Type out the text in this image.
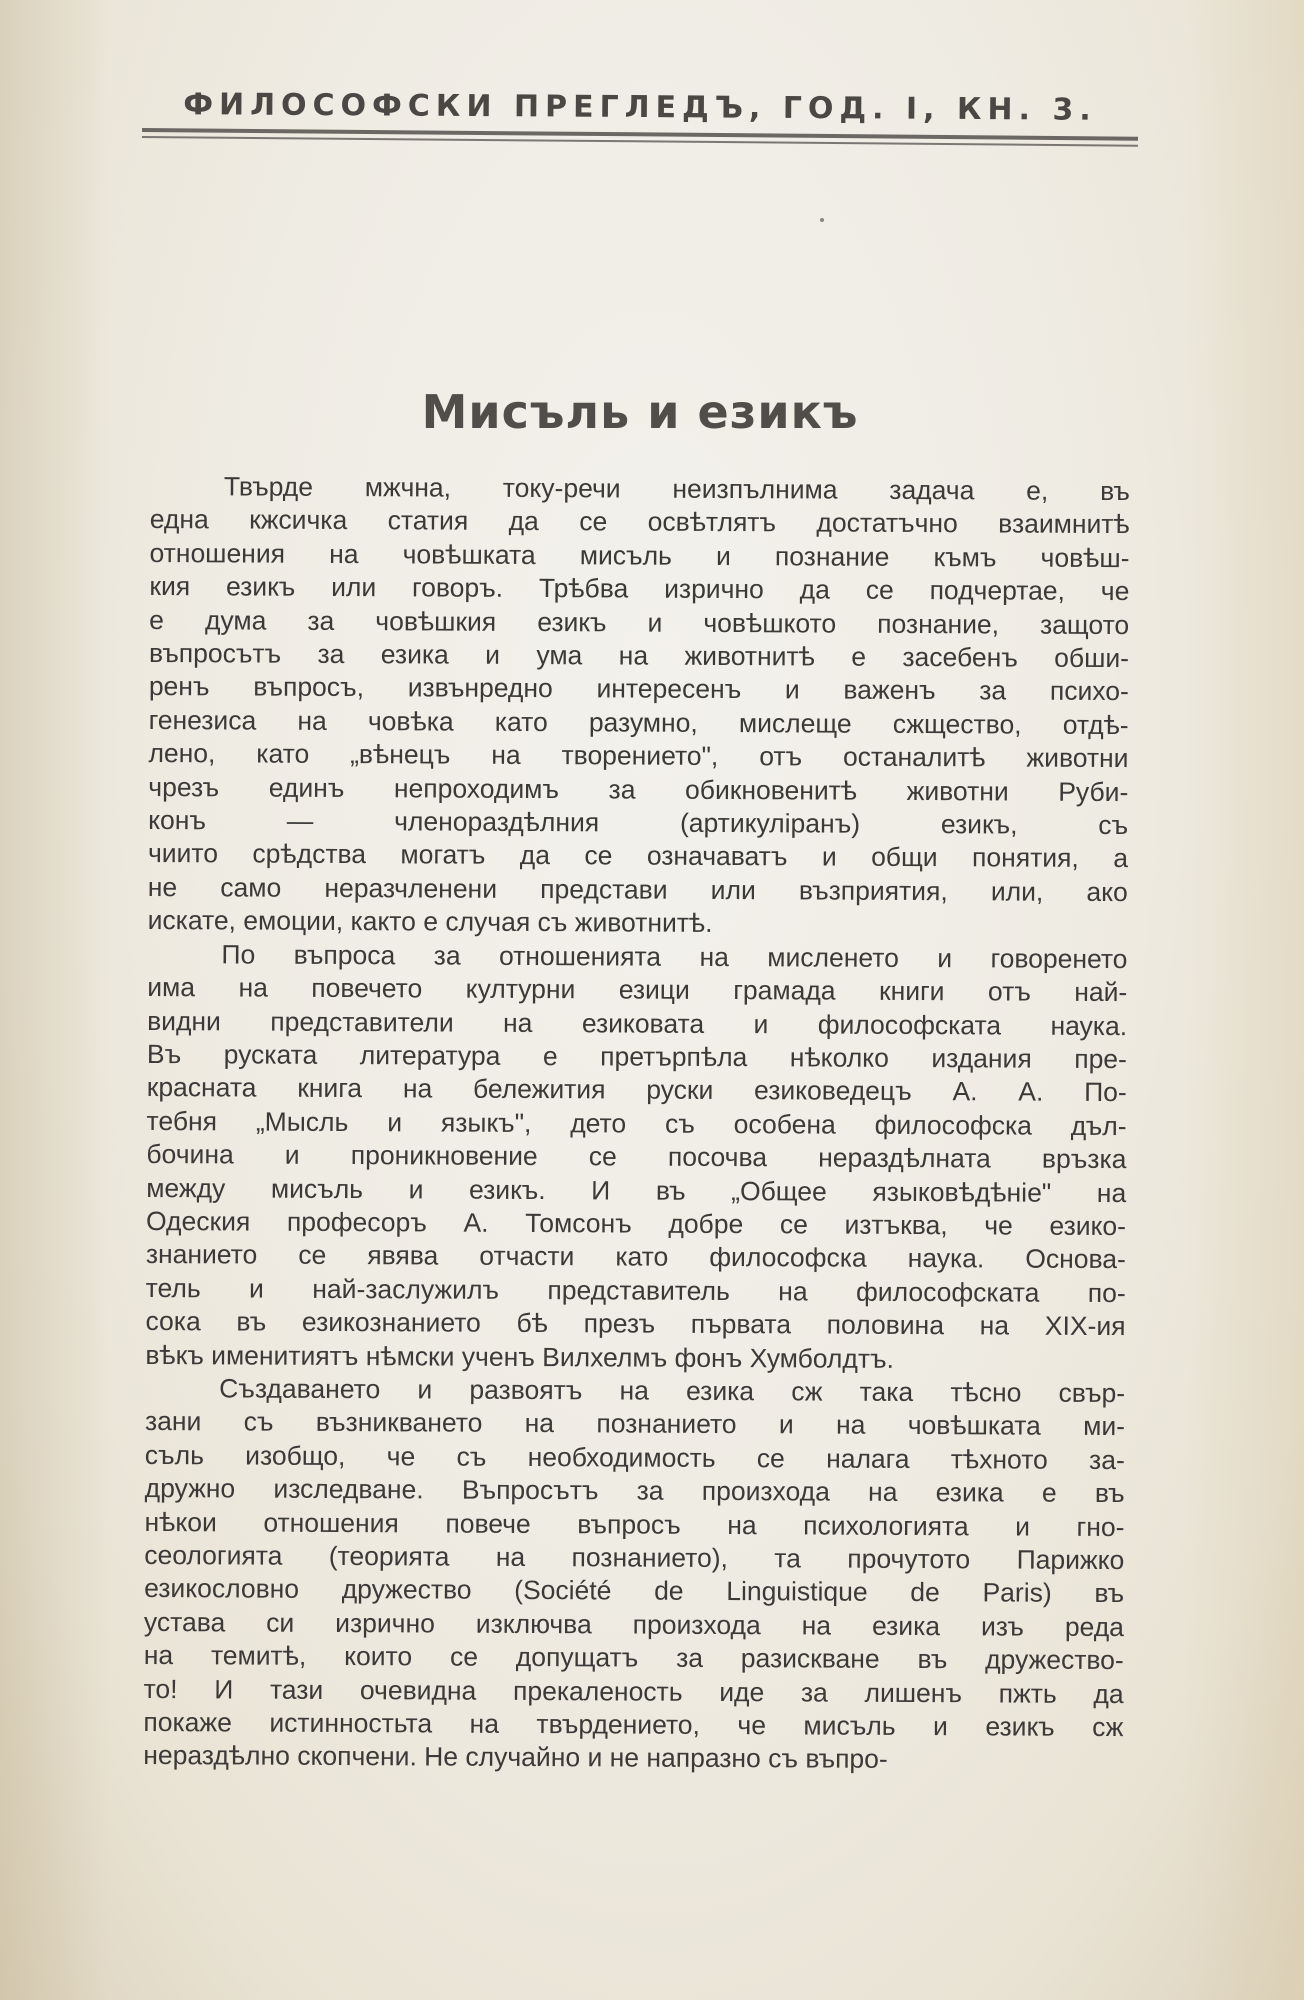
ФИЛОСОФСКИ ПРЕГЛЕДЪ, ГОД. I, КН. 3.
Мисъль и езикъ
Твърде мжчна, току-речи неизпълнима задача е, въ
една кжсичка статия да се освѣтлятъ достатъчно взаимнитѣ
отношения на човѣшката мисъль и познание къмъ човѣш-
кия езикъ или говоръ. Трѣбва изрично да се подчертае, че
е дума за човѣшкия езикъ и човѣшкото познание, защото
въпросътъ за езика и ума на животнитѣ е засебенъ обши-
ренъ въпросъ, извънредно интересенъ и важенъ за психо-
генезиса на човѣка като разумно, мислеще сжщество, отдѣ-
лено, като „вѣнецъ на творението", отъ останалитѣ животни
чрезъ единъ непроходимъ за обикновенитѣ животни Руби-
конъ — членораздѣлния (артикуліранъ) езикъ, съ
чиито срѣдства могатъ да се означаватъ и общи понятия, а
не само неразчленени представи или възприятия, или, ако
искате, емоции, както е случая съ животнитѣ.
По въпроса за отношенията на мисленето и говоренето
има на повечето културни езици грамада книги отъ най-
видни представители на езиковата и философската наука.
Въ руската литература е претърпѣла нѣколко издания пре-
красната книга на бележития руски езиковедецъ А. А. По-
тебня „Мысль и языкъ", дето съ особена философска дъл-
бочина и проникновение се посочва нераздѣлната връзка
между мисъль и езикъ. И въ „Общее языковѣдѣніе" на
Одеския професоръ А. Томсонъ добре се изтъква, че езико-
знанието се явява отчасти като философска наука. Основа-
тель и най-заслужилъ представитель на философската по-
сока въ езикознанието бѣ презъ първата половина на XIX-ия
вѣкъ именитиятъ нѣмски ученъ Вилхелмъ фонъ Хумболдтъ.
Създаването и развоятъ на езика сж така тѣсно свър-
зани съ възникването на познанието и на човѣшката ми-
съль изобщо, че съ необходимость се налага тѣхното за-
дружно изследване. Въпросътъ за произхода на езика е въ
нѣкои отношения повече въпросъ на психологията и гно-
сеологията (теорията на познанието), та прочутото Парижко
езикословно дружество (Société de Linguistique de Paris) въ
устава си изрично изключва произхода на езика изъ реда
на темитѣ, които се допущатъ за разискване въ дружество-
то! И тази очевидна прекаленость иде за лишенъ пжть да
покаже истинностьта на твърдението, че мисъль и езикъ сж
нераздѣлно скопчени. Не случайно и не напразно съ въпро-
